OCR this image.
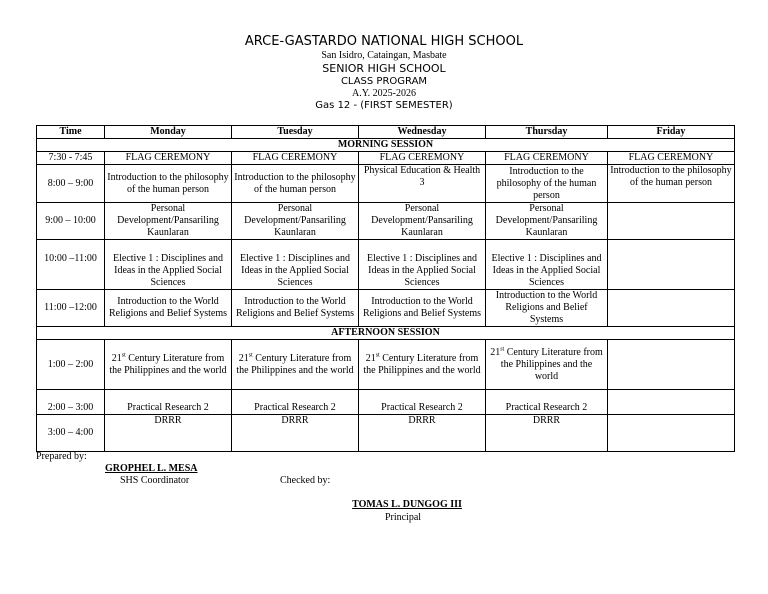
ARCE-GASTARDO NATIONAL HIGH SCHOOL
San Isidro, Cataingan, Masbate
SENIOR HIGH SCHOOL
CLASS PROGRAM
A.Y. 2025-2026
Gas 12 - (FIRST SEMESTER)
Time	Monday	Tuesday	Wednesday	Thursday	Friday
MORNING SESSION					
7:30 - 7:45	FLAG CEREMONY	FLAG CEREMONY	FLAG CEREMONY	FLAG CEREMONY	FLAG CEREMONY
8:00 – 9:00	Introduction to the philosophy of the human person	Introduction to the philosophy of the human person	Physical Education & Health 3	Introduction to the philosophy of the human person	Introduction to the philosophy of the human person
9:00 – 10:00	Personal Development/Pansariling Kaunlaran	Personal Development/Pansariling Kaunlaran	Personal Development/Pansariling Kaunlaran	Personal Development/Pansariling Kaunlaran	
10:00 –11:00	Elective 1 : Disciplines and Ideas in the Applied Social Sciences	Elective 1 : Disciplines and Ideas in the Applied Social Sciences	Elective 1 : Disciplines and Ideas in the Applied Social Sciences	Elective 1 : Disciplines and Ideas in the Applied Social Sciences	
11:00 –12:00	Introduction to the World Religions and Belief Systems	Introduction to the World Religions and Belief Systems	Introduction to the World Religions and Belief Systems	Introduction to the World Religions and Belief Systems	
AFTERNOON SESSION					
1:00 – 2:00	21st Century Literature from the Philippines and the world	21st Century Literature from the Philippines and the world	21st Century Literature from the Philippines and the world	21st Century Literature from the Philippines and the world	
2:00 – 3:00	Practical Research 2	Practical Research 2	Practical Research 2	Practical Research 2	
3:00 – 4:00	DRRR	DRRR	DRRR	DRRR	
Prepared by:
GROPHEL L. MESA
SHS Coordinator	Checked by:
TOMAS L. DUNGOG III
Principal
